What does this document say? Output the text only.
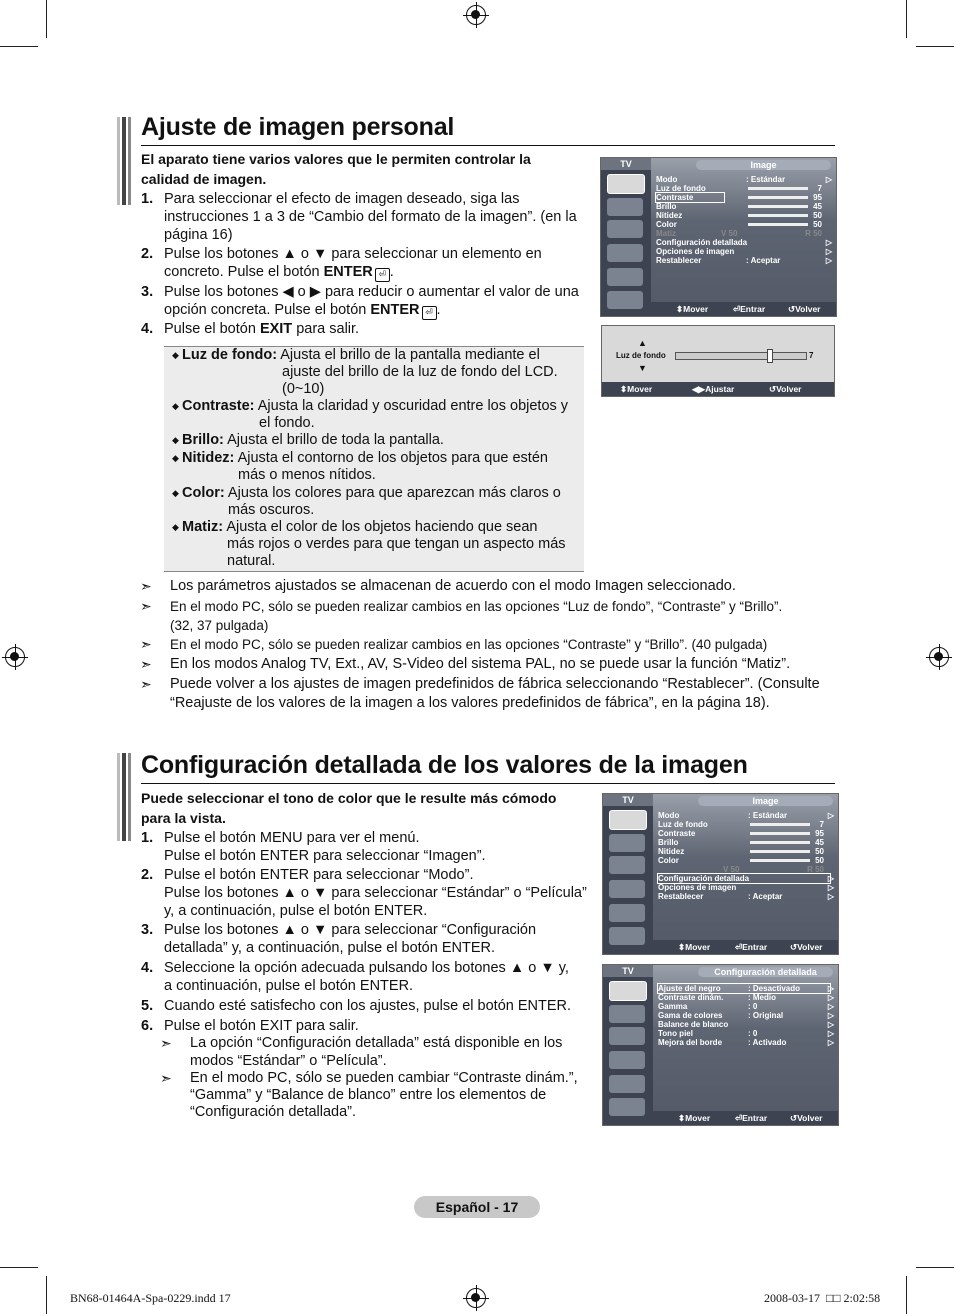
Ajuste de imagen personal
El aparato tiene varios valores que le permiten controlar la
calidad de imagen.
1. Para seleccionar el efecto de imagen deseado, siga las
instrucciones 1 a 3 de “Cambio del formato de la imagen”. (en la
página 16)
2. Pulse los botones ▲ o ▼ para seleccionar un elemento en
concreto. Pulse el botón ENTER ⏎ .
3. Pulse los botones ◀ o ▶ para reducir o aumentar el valor de una
opción concreta. Pulse el botón ENTER ⏎ .
4. Pulse el botón EXIT para salir.
◆ Luz de fondo: Ajusta el brillo de la pantalla mediante el
ajuste del brillo de la luz de fondo del LCD.
(0~10)
◆ Contraste: Ajusta la claridad y oscuridad entre los objetos y
el fondo.
◆ Brillo: Ajusta el brillo de toda la pantalla.
◆ Nitidez: Ajusta el contorno de los objetos para que estén
más o menos nítidos.
◆ Color: Ajusta los colores para que aparezcan más claros o
más oscuros.
◆ Matiz: Ajusta el color de los objetos haciendo que sean
más rojos o verdes para que tengan un aspecto más
natural.
➣ Los parámetros ajustados se almacenan de acuerdo con el modo Imagen seleccionado.
➣ En el modo PC, sólo se pueden realizar cambios en las opciones “Luz de fondo”, “Contraste” y “Brillo”.
(32, 37 pulgada)
➣ En el modo PC, sólo se pueden realizar cambios en las opciones “Contraste” y “Brillo”. (40 pulgada)
➣ En los modos Analog TV, Ext., AV, S-Video del sistema PAL, no se puede usar la función “Matiz”.
➣ Puede volver a los ajustes de imagen predefinidos de fábrica seleccionando “Restablecer”. (Consulte
“Reajuste de los valores de la imagen a los valores predefinidos de fábrica”, en la página 18).
TV	Image
Modo	: Estándar	▷
Luz de fondo	7
Contraste	95
Brillo	45
Nitidez	50
Color	50
Matiz	V 50	R 50
Configuración detallada	▷
Opciones de imagen	▷
Restablecer	: Aceptar	▷
⬍ Mover	⏎ Entrar	↺ Volver
▲
Luz de fondo	7
▼
⬍ Mover	◀▶ Ajustar	↺ Volver
Configuración detallada de los valores de la imagen
Puede seleccionar el tono de color que le resulte más cómodo
para la vista.
1. Pulse el botón MENU para ver el menú.
Pulse el botón ENTER para seleccionar “Imagen”.
2. Pulse el botón ENTER para seleccionar “Modo”.
Pulse los botones ▲ o ▼ para seleccionar “Estándar” o “Película”
y, a continuación, pulse el botón ENTER.
3. Pulse los botones ▲ o ▼ para seleccionar “Configuración
detallada” y, a continuación, pulse el botón ENTER.
4. Seleccione la opción adecuada pulsando los botones ▲ o ▼ y,
a continuación, pulse el botón ENTER.
5. Cuando esté satisfecho con los ajustes, pulse el botón ENTER.
6. Pulse el botón EXIT para salir.
➣ La opción “Configuración detallada” está disponible en los
modos “Estándar” o “Película”.
➣ En el modo PC, sólo se pueden cambiar “Contraste dinám.”,
“Gamma” y “Balance de blanco” entre los elementos de
“Configuración detallada”.
TV	Image
Modo	: Estándar	▷
Luz de fondo	7
Contraste	95
Brillo	45
Nitidez	50
Color	50
V 50	R 50
Configuración detallada	▷
Opciones de imagen	▷
Restablecer	: Aceptar	▷
⬍ Mover	⏎ Entrar	↺ Volver
TV	Configuración detallada
Ajuste del negro	: Desactivado	▷
Contraste dinám.	: Medio	▷
Gamma	: 0	▷
Gama de colores	: Original	▷
Balance de blanco	▷
Tono piel	: 0	▷
Mejora del borde	: Activado	▷
⬍ Mover	⏎ Entrar	↺ Volver
Español - 17
BN68-01464A-Spa-0229.indd 17	2008-03-17 □□ 2:02:58
